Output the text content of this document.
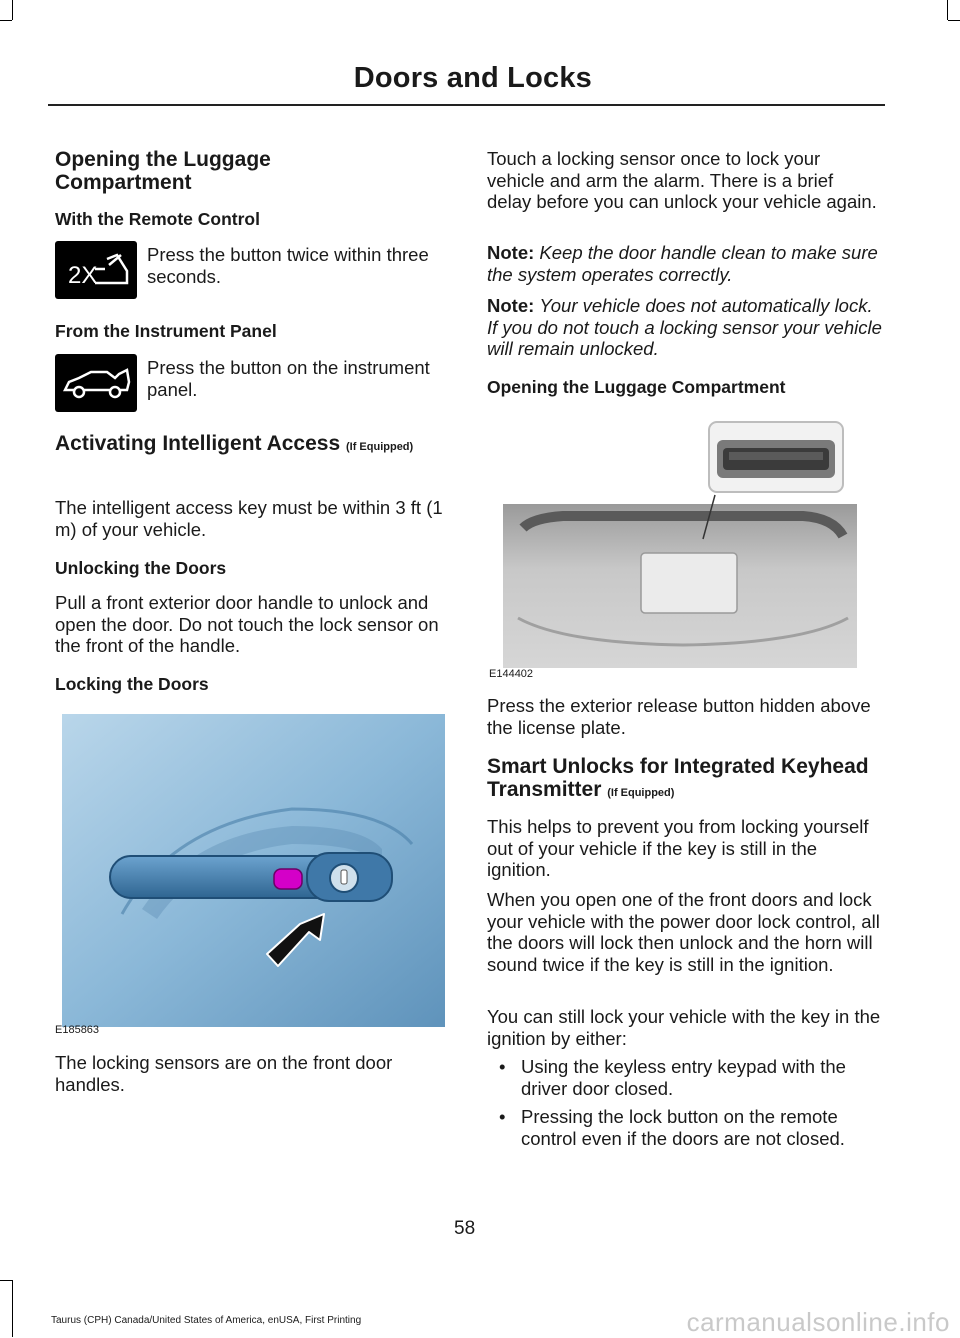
Doors and Locks
Opening the Luggage Compartment
With the Remote Control
2X

Press the button twice within three seconds.

From the Instrument Panel

Press the button on the instrument panel.

Activating Intelligent Access (If Equipped)

The intelligent access key must be within 3 ft (1 m) of your vehicle.

Unlocking the Doors

Pull a front exterior door handle to unlock and open the door. Do not touch the lock sensor on the front of the handle.

Locking the Doors
E185863

The locking sensors are on the front door handles.

Touch a locking sensor once to lock your vehicle and arm the alarm. There is a brief delay before you can unlock your vehicle again.

Note: Keep the door handle clean to make sure the system operates correctly.

Note: Your vehicle does not automatically lock. If you do not touch a locking sensor your vehicle will remain unlocked.

Opening the Luggage Compartment
E144402

Press the exterior release button hidden above the license plate.

Smart Unlocks for Integrated Keyhead Transmitter (If Equipped)

This helps to prevent you from locking yourself out of your vehicle if the key is still in the ignition.

When you open one of the front doors and lock your vehicle with the power door lock control, all the doors will lock then unlock and the horn will sound twice if the key is still in the ignition.

You can still lock your vehicle with the key in the ignition by either:

• Using the keyless entry keypad with the driver door closed.
• Pressing the lock button on the remote control even if the doors are not closed.
58
Taurus (CPH) Canada/United States of America, enUSA, First Printing	carmanualsonline.info
